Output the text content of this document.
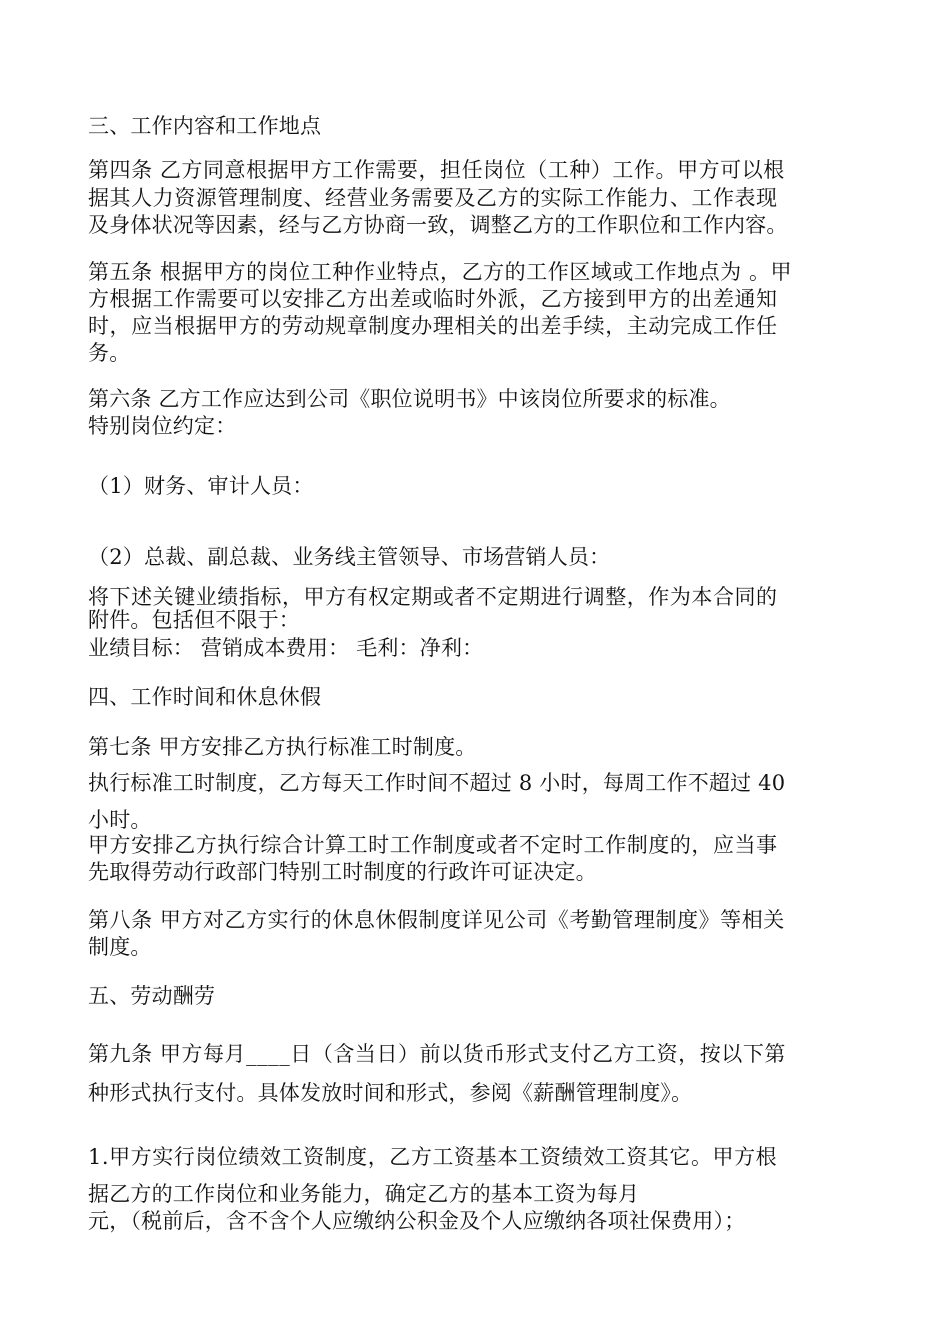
三、工作内容和工作地点
第四条 乙方同意根据甲方工作需要，担任岗位（工种）工作。甲方可以根
据其人力资源管理制度、经营业务需要及乙方的实际工作能力、工作表现
及身体状况等因素，经与乙方协商一致，调整乙方的工作职位和工作内容。
第五条 根据甲方的岗位工种作业特点，乙方的工作区域或工作地点为 。甲
方根据工作需要可以安排乙方出差或临时外派，乙方接到甲方的出差通知
时，应当根据甲方的劳动规章制度办理相关的出差手续，主动完成工作任
务。
第六条 乙方工作应达到公司《职位说明书》中该岗位所要求的标准。
特别岗位约定：
（1）财务、审计人员：
（2）总裁、副总裁、业务线主管领导、市场营销人员：
将下述关键业绩指标，甲方有权定期或者不定期进行调整，作为本合同的
附件。包括但不限于：
业绩目标： 营销成本费用： 毛利：净利：
四、工作时间和休息休假
第七条 甲方安排乙方执行标准工时制度。
执行标准工时制度，乙方每天工作时间不超过 8 小时，每周工作不超过 40
小时。
甲方安排乙方执行综合计算工时工作制度或者不定时工作制度的，应当事
先取得劳动行政部门特别工时制度的行政许可证决定。
第八条 甲方对乙方实行的休息休假制度详见公司《考勤管理制度》等相关
制度。
五、劳动酬劳
第九条 甲方每月____日（含当日）前以货币形式支付乙方工资，按以下第
种形式执行支付。具体发放时间和形式，参阅《薪酬管理制度》。
1.甲方实行岗位绩效工资制度，乙方工资基本工资绩效工资其它。甲方根
据乙方的工作岗位和业务能力，确定乙方的基本工资为每月
元，（税前后，含不含个人应缴纳公积金及个人应缴纳各项社保费用）；
